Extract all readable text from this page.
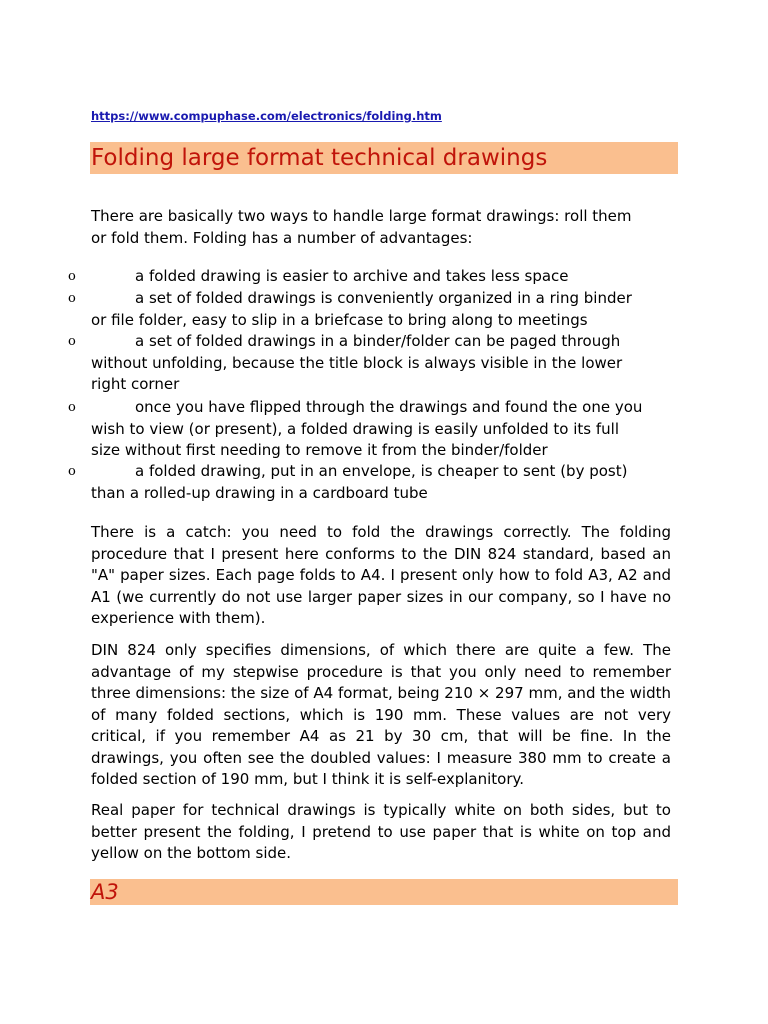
https://www.compuphase.com/electronics/folding.htm
Folding large format technical drawings
There are basically two ways to handle large format drawings: roll them
or fold them. Folding has a number of advantages:
o	a folded drawing is easier to archive and takes less space
o	a set of folded drawings is conveniently organized in a ring binder
or file folder, easy to slip in a briefcase to bring along to meetings
o	a set of folded drawings in a binder/folder can be paged through
without unfolding, because the title block is always visible in the lower
right corner
o	once you have flipped through the drawings and found the one you
wish to view (or present), a folded drawing is easily unfolded to its full
size without first needing to remove it from the binder/folder
o	a folded drawing, put in an envelope, is cheaper to sent (by post)
than a rolled-up drawing in a cardboard tube

There is a catch: you need to fold the drawings correctly. The folding procedure that I present here conforms to the DIN 824 standard, based an "A" paper sizes. Each page folds to A4. I present only how to fold A3, A2 and A1 (we currently do not use larger paper sizes in our company, so I have no experience with them).

DIN 824 only specifies dimensions, of which there are quite a few. The advantage of my stepwise procedure is that you only need to remember three dimensions: the size of A4 format, being 210 × 297 mm, and the width of many folded sections, which is 190 mm. These values are not very critical, if you remember A4 as 21 by 30 cm, that will be fine. In the drawings, you often see the doubled values: I measure 380 mm to create a folded section of 190 mm, but I think it is self-explanitory.

Real paper for technical drawings is typically white on both sides, but to better present the folding, I pretend to use paper that is white on top and yellow on the bottom side.

A3
